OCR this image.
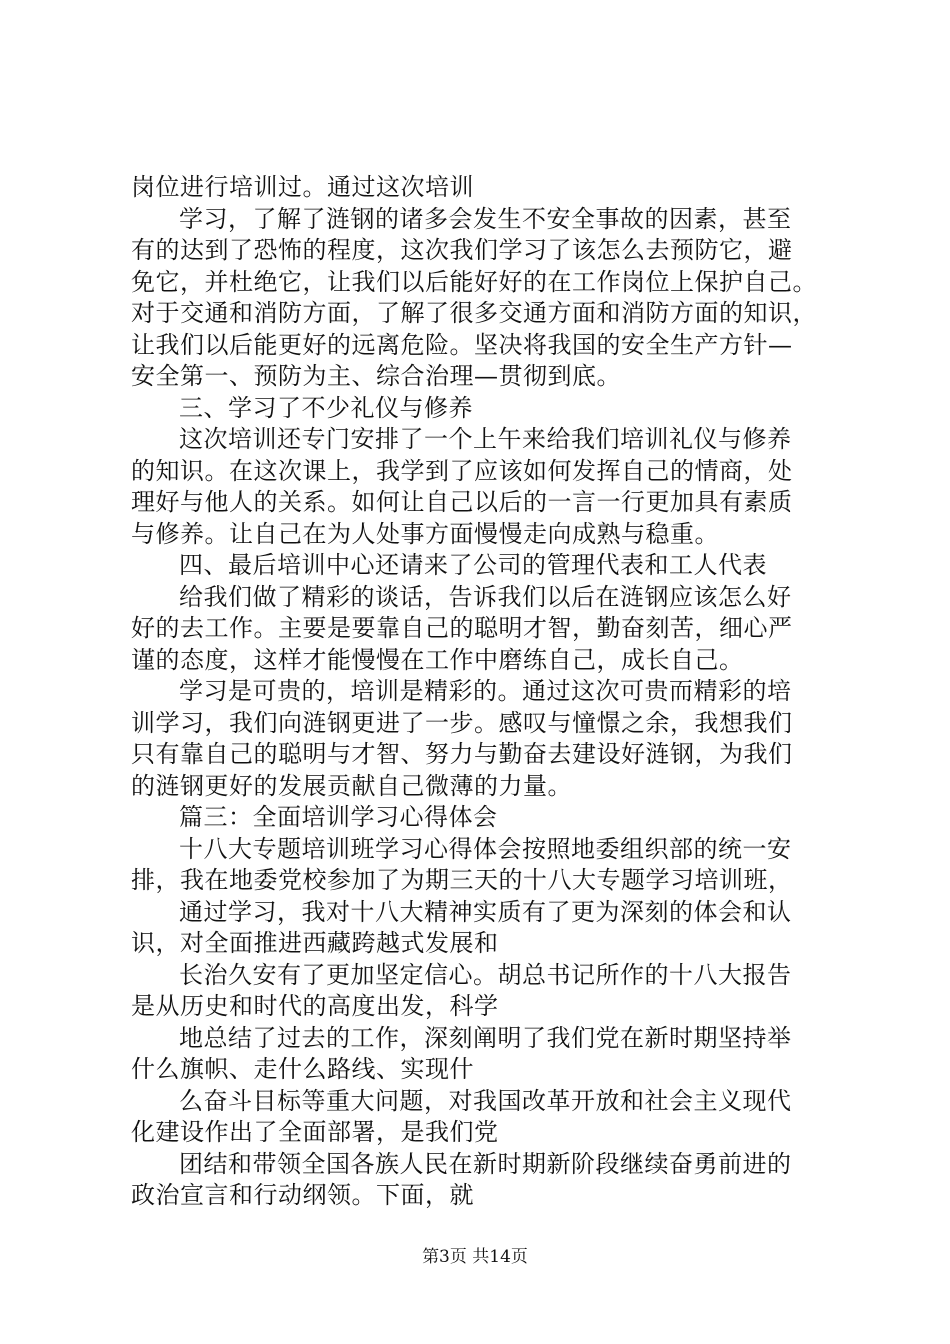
岗位进行培训过。通过这次培训
学习，了解了涟钢的诸多会发生不安全事故的因素，甚至
有的达到了恐怖的程度，这次我们学习了该怎么去预防它，避
免它，并杜绝它，让我们以后能好好的在工作岗位上保护自己。
对于交通和消防方面，了解了很多交通方面和消防方面的知识，
让我们以后能更好的远离危险。坚决将我国的安全生产方针—
安全第一、预防为主、综合治理—贯彻到底。
三、学习了不少礼仪与修养
这次培训还专门安排了一个上午来给我们培训礼仪与修养
的知识。在这次课上，我学到了应该如何发挥自己的情商，处
理好与他人的关系。如何让自己以后的一言一行更加具有素质
与修养。让自己在为人处事方面慢慢走向成熟与稳重。
四、最后培训中心还请来了公司的管理代表和工人代表
给我们做了精彩的谈话，告诉我们以后在涟钢应该怎么好
好的去工作。主要是要靠自己的聪明才智，勤奋刻苦，细心严
谨的态度，这样才能慢慢在工作中磨练自己，成长自己。
学习是可贵的，培训是精彩的。通过这次可贵而精彩的培
训学习，我们向涟钢更进了一步。感叹与憧憬之余，我想我们
只有靠自己的聪明与才智、努力与勤奋去建设好涟钢，为我们
的涟钢更好的发展贡献自己微薄的力量。
篇三：全面培训学习心得体会
十八大专题培训班学习心得体会按照地委组织部的统一安
排，我在地委党校参加了为期三天的十八大专题学习培训班，
通过学习，我对十八大精神实质有了更为深刻的体会和认
识，对全面推进西藏跨越式发展和
长治久安有了更加坚定信心。胡总书记所作的十八大报告
是从历史和时代的高度出发，科学
地总结了过去的工作，深刻阐明了我们党在新时期坚持举
什么旗帜、走什么路线、实现什
么奋斗目标等重大问题，对我国改革开放和社会主义现代
化建设作出了全面部署，是我们党
团结和带领全国各族人民在新时期新阶段继续奋勇前进的
政治宣言和行动纲领。下面，就
第3页 共14页
